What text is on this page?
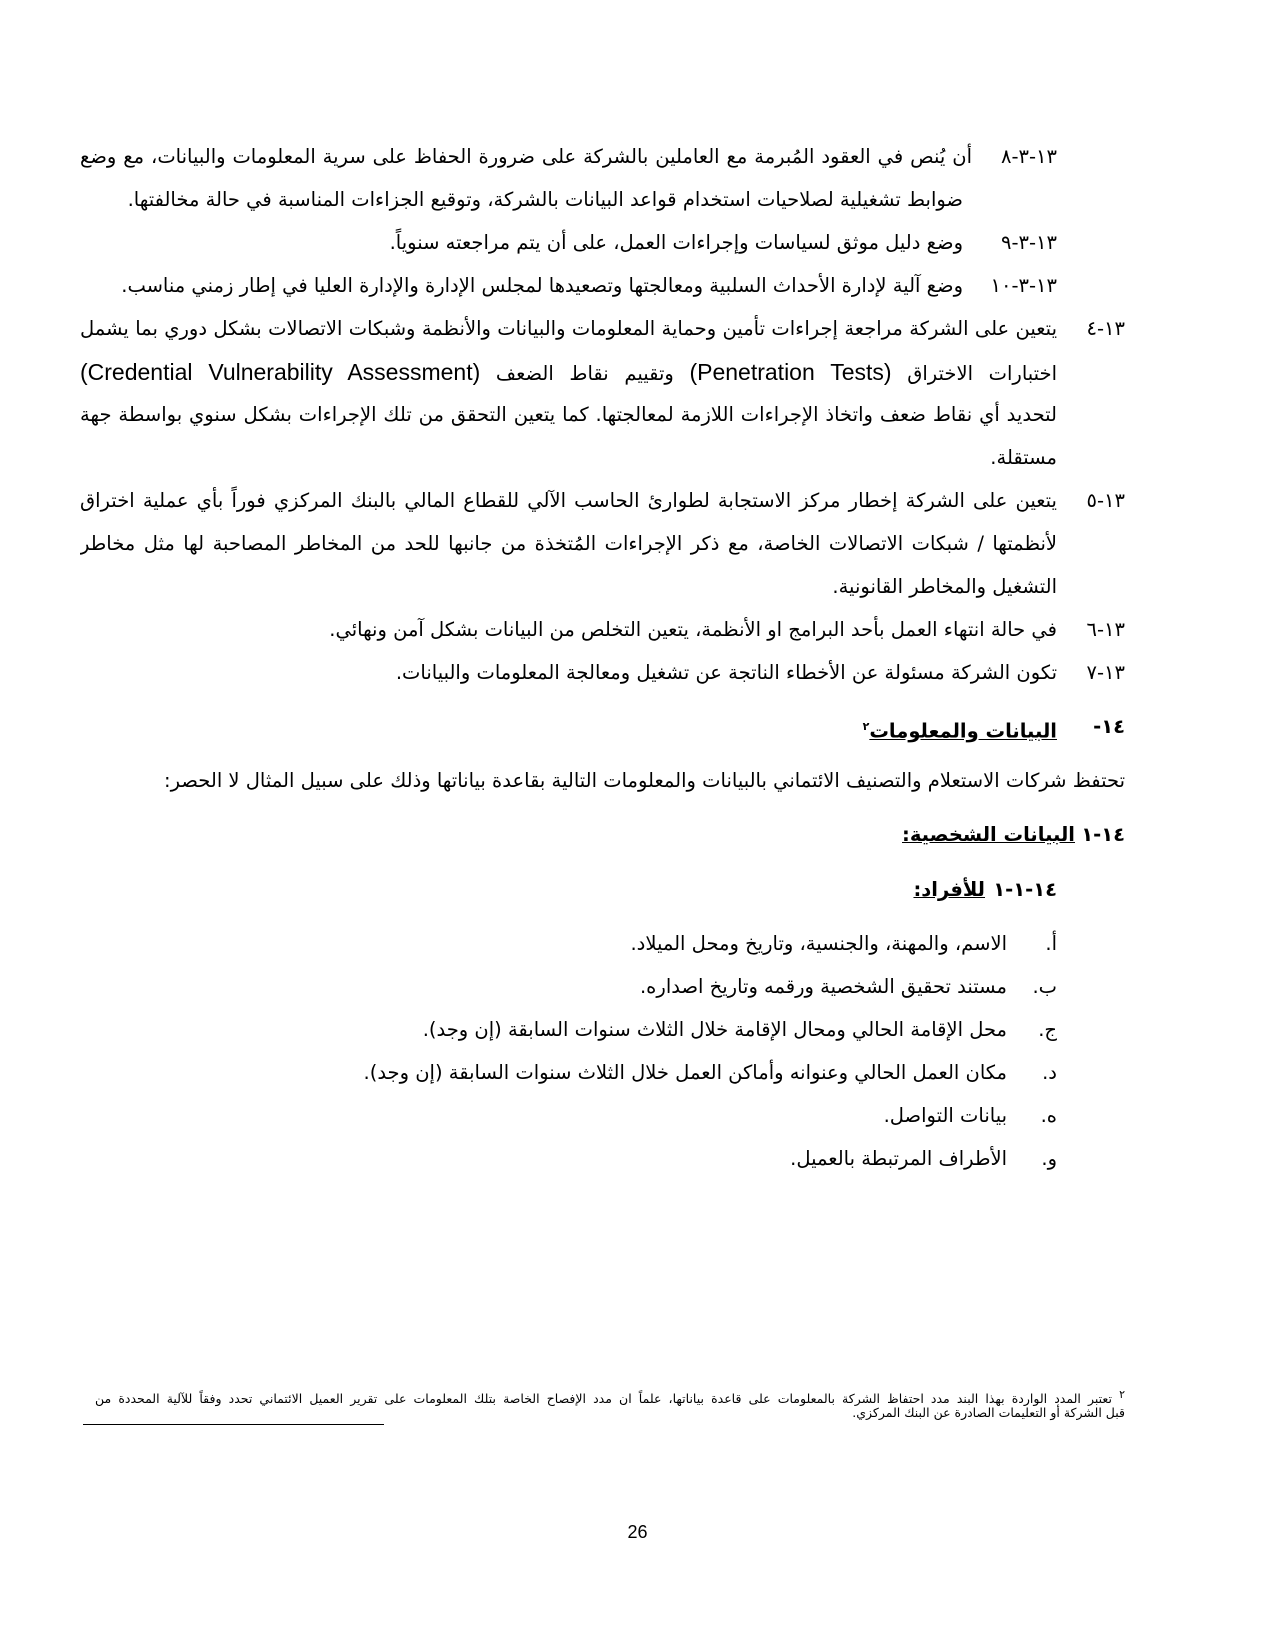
١٣-٣-٨
أن يُنص في العقود المُبرمة مع العاملين بالشركة على ضرورة الحفاظ على سرية المعلومات والبيانات، مع وضع
ضوابط تشغيلية لصلاحيات استخدام قواعد البيانات بالشركة، وتوقيع الجزاءات المناسبة في حالة مخالفتها.
١٣-٣-٩
وضع دليل موثق لسياسات وإجراءات العمل، على أن يتم مراجعته سنوياً.
١٣-٣-١٠
وضع آلية لإدارة الأحداث السلبية ومعالجتها وتصعيدها لمجلس الإدارة والإدارة العليا في إطار زمني مناسب.
١٣-٤
يتعين على الشركة مراجعة إجراءات تأمين وحماية المعلومات والبيانات والأنظمة وشبكات الاتصالات بشكل دوري بما يشمل
اختبارات الاختراق (Penetration Tests) وتقييم نقاط الضعف (Credential Vulnerability Assessment)
لتحديد أي نقاط ضعف واتخاذ الإجراءات اللازمة لمعالجتها. كما يتعين التحقق من تلك الإجراءات بشكل سنوي بواسطة جهة
مستقلة.
١٣-٥
يتعين على الشركة إخطار مركز الاستجابة لطوارئ الحاسب الآلي للقطاع المالي بالبنك المركزي فوراً بأي عملية اختراق
لأنظمتها / شبكات الاتصالات الخاصة، مع ذكر الإجراءات المُتخذة من جانبها للحد من المخاطر المصاحبة لها مثل مخاطر
التشغيل والمخاطر القانونية.
١٣-٦
في حالة انتهاء العمل بأحد البرامج او الأنظمة، يتعين التخلص من البيانات بشكل آمن ونهائي.
١٣-٧
تكون الشركة مسئولة عن الأخطاء الناتجة عن تشغيل ومعالجة المعلومات والبيانات.
١٤-
البيانات والمعلومات$^٢$
تحتفظ شركات الاستعلام والتصنيف الائتماني بالبيانات والمعلومات التالية بقاعدة بياناتها وذلك على سبيل المثال لا الحصر:
١٤-١
البيانات الشخصية:
١٤-١-١
للأفراد:
أ.
الاسم، والمهنة، والجنسية، وتاريخ ومحل الميلاد.
ب.
مستند تحقيق الشخصية ورقمه وتاريخ اصداره.
ج.
محل الإقامة الحالي ومحال الإقامة خلال الثلاث سنوات السابقة (إن وجد).
د.
مكان العمل الحالي وعنوانه وأماكن العمل خلال الثلاث سنوات السابقة (إن وجد).
ه.
بيانات التواصل.
و.
الأطراف المرتبطة بالعميل.
$^٢$ تعتبر المدد الواردة بهذا البند مدد احتفاظ الشركة بالمعلومات على قاعدة بياناتها، علماً ان مدد الإفصاح الخاصة بتلك المعلومات على تقرير العميل الائتماني تحدد وفقاً للآلية المحددة من
قبل الشركة أو التعليمات الصادرة عن البنك المركزي.
26
